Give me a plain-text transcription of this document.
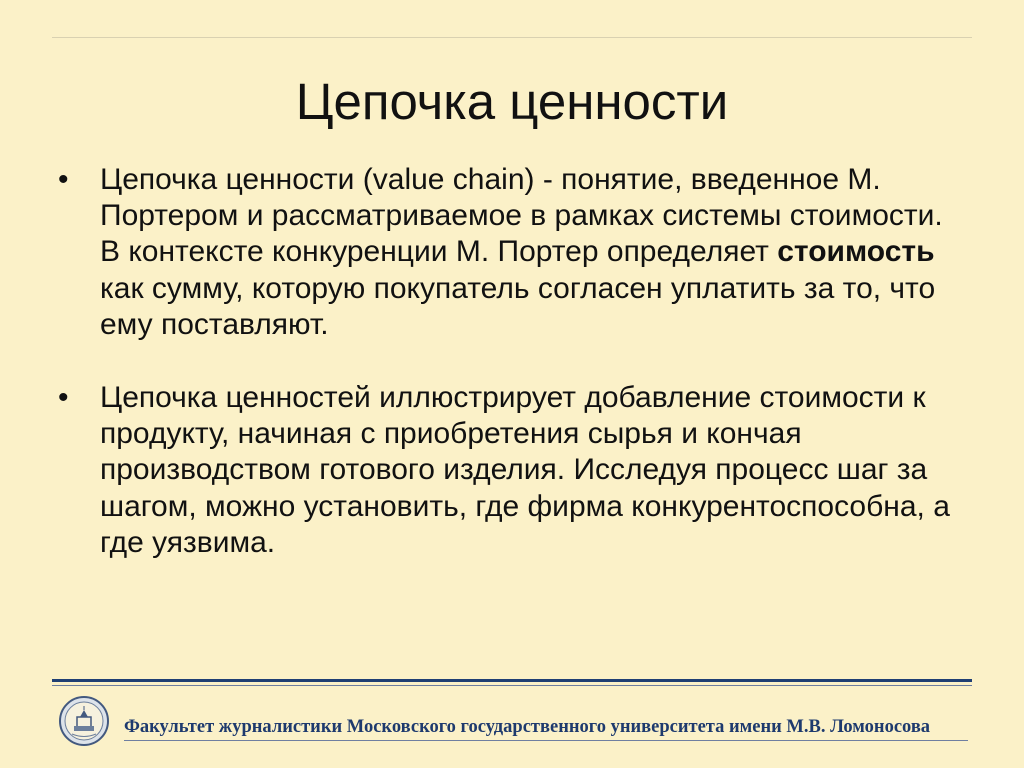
Цепочка ценности
•	Цепочка ценности (value chain) - понятие, введенное М. Портером и рассматриваемое в рамках системы стоимости. В контексте конкуренции М. Портер определяет стоимость как сумму, которую покупатель согласен уплатить за то, что ему поставляют.
•	Цепочка ценностей иллюстрирует добавление стоимости к продукту, начиная с приобретения сырья и кончая производством готового изделия. Исследуя процесс шаг за шагом, можно установить, где фирма конкурентоспособна, а где уязвима.
Факультет журналистики Московского государственного университета имени М.В. Ломоносова
